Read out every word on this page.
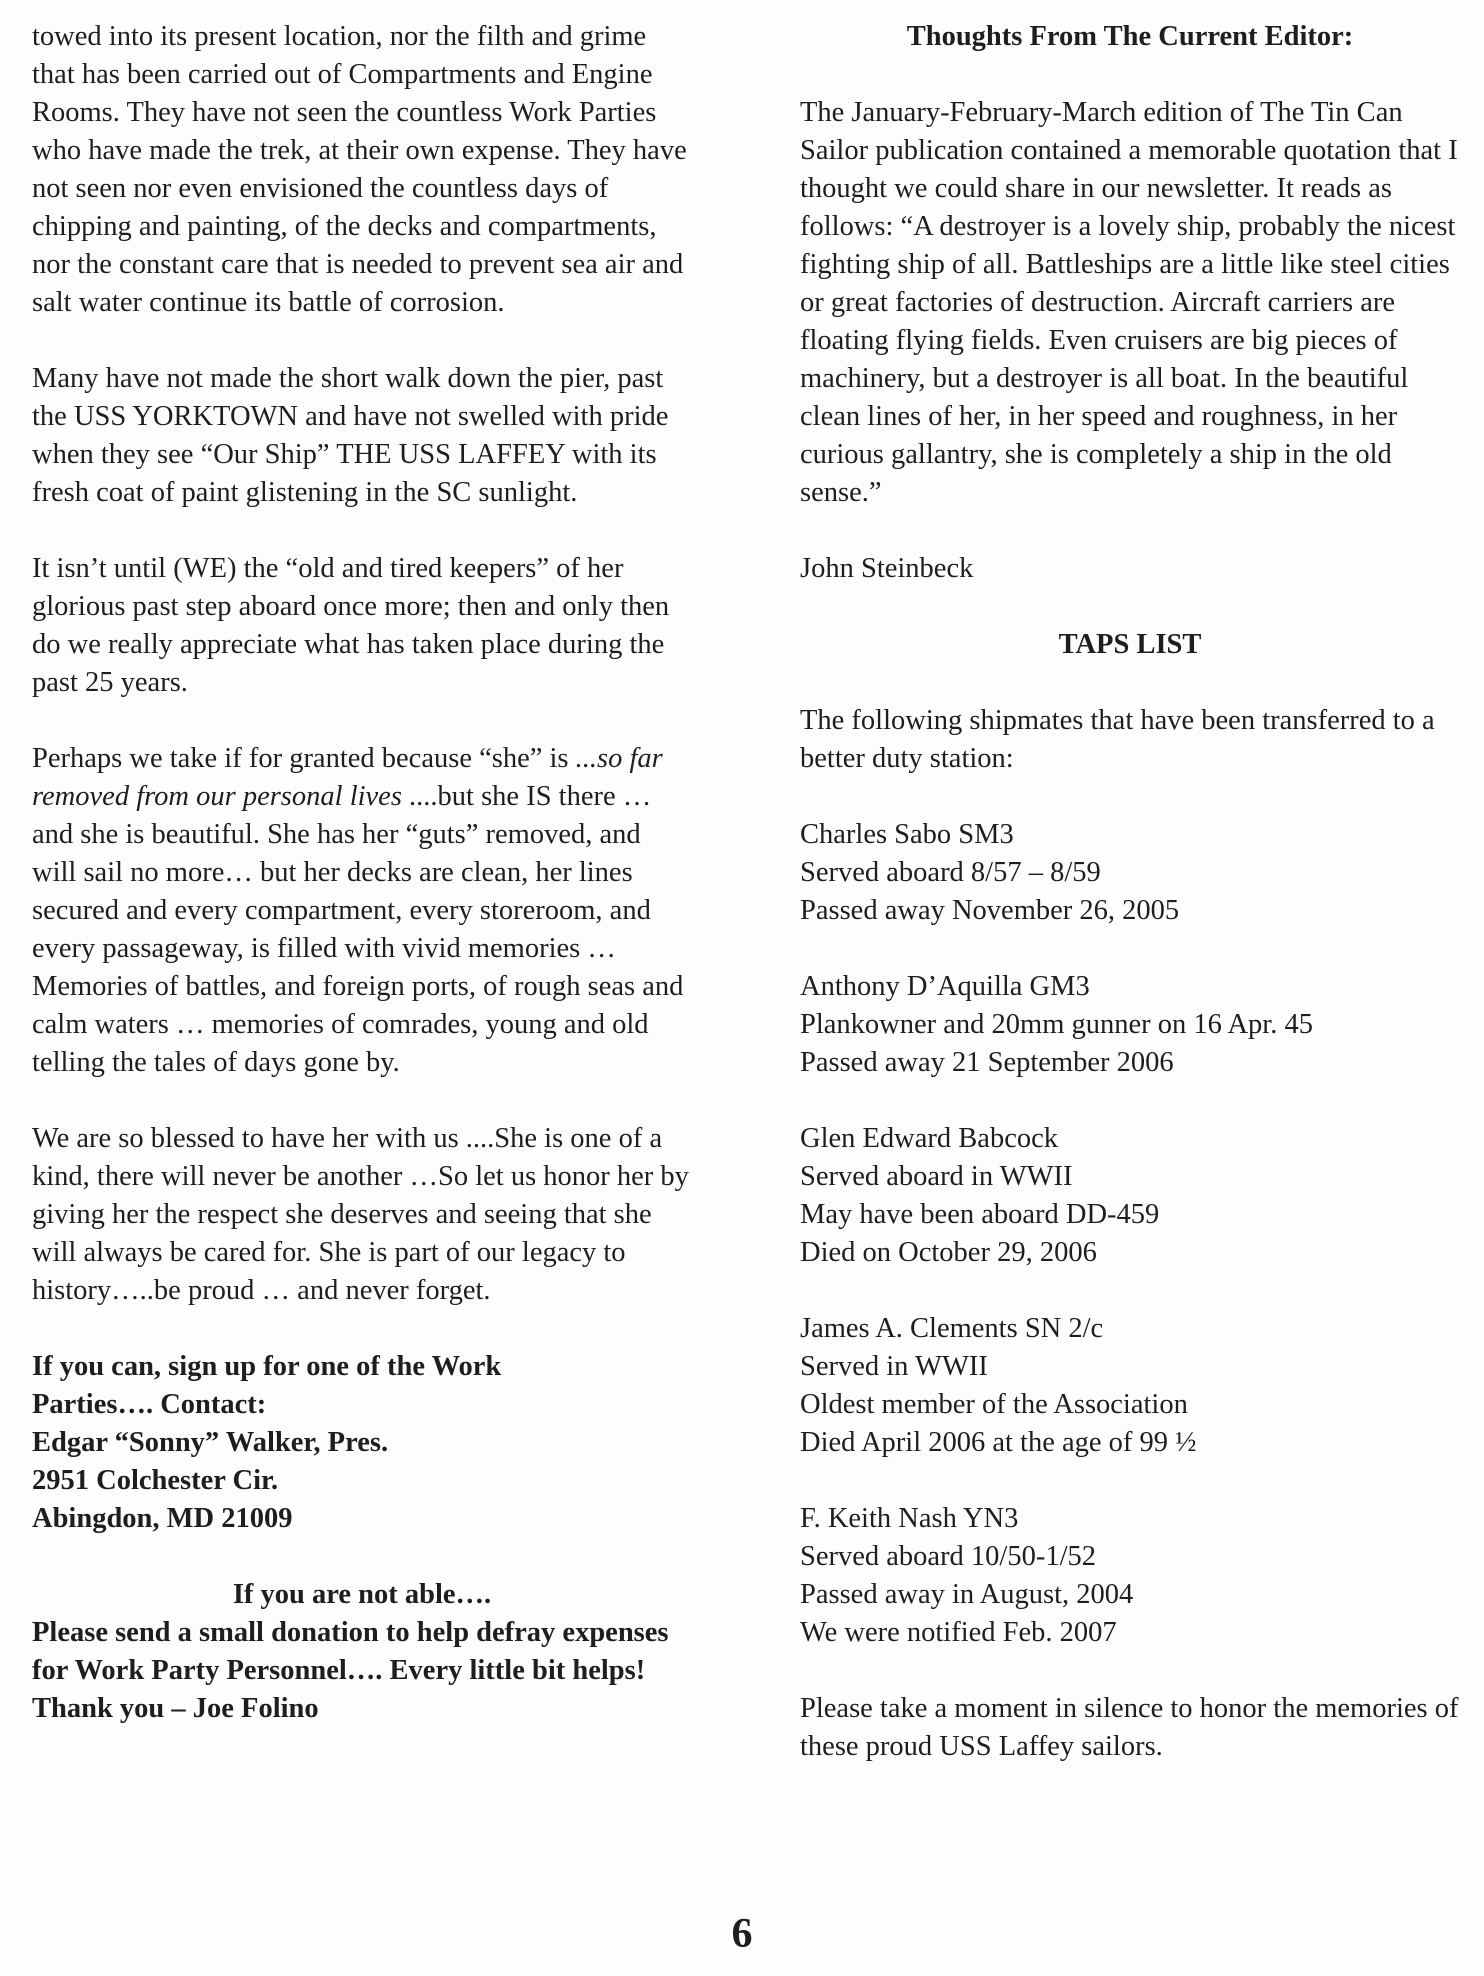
towed into its present location, nor the filth and grime that has been carried out of Compartments and Engine Rooms. They have not seen the countless Work Parties who have made the trek, at their own expense. They have not seen nor even envisioned the countless days of chipping and painting, of the decks and compartments, nor the constant care that is needed to prevent sea air and salt water continue its battle of corrosion.

Many have not made the short walk down the pier, past the USS YORKTOWN and have not swelled with pride when they see “Our Ship” THE USS LAFFEY with its fresh coat of paint glistening in the SC sunlight.

It isn’t until (WE) the “old and tired keepers” of her glorious past step aboard once more; then and only then do we really appreciate what has taken place during the past 25 years.

Perhaps we take if for granted because “she” is ...so far removed from our personal lives ....but she IS there … and she is beautiful. She has her “guts” removed, and will sail no more… but her decks are clean, her lines secured and every compartment, every storeroom, and every passageway, is filled with vivid memories … Memories of battles, and foreign ports, of rough seas and calm waters … memories of comrades, young and old telling the tales of days gone by.

We are so blessed to have her with us ....She is one of a kind, there will never be another …So let us honor her by giving her the respect she deserves and seeing that she will always be cared for. She is part of our legacy to history…..be proud … and never forget.

If you can, sign up for one of the Work
Parties…. Contact:
Edgar “Sonny” Walker, Pres.
2951 Colchester Cir.
Abingdon, MD 21009

If you are not able….
Please send a small donation to help defray expenses for Work Party Personnel…. Every little bit helps!       Thank you – Joe Folino

Thoughts From The Current Editor:

The January-February-March edition of The Tin Can Sailor publication contained a memorable quotation that I thought we could share in our newsletter. It reads as follows: “A destroyer is a lovely ship, probably the nicest fighting ship of all. Battleships are a little like steel cities or great factories of destruction. Aircraft carriers are floating flying fields. Even cruisers are big pieces of machinery, but a destroyer is all boat. In the beautiful clean lines of her, in her speed and roughness, in her curious gallantry, she is completely a ship in the old sense.”

John Steinbeck

TAPS LIST

The following shipmates that have been transferred to a better duty station:

Charles Sabo SM3
Served aboard 8/57 – 8/59
Passed away November 26, 2005
Anthony D’Aquilla GM3
Plankowner and 20mm gunner on 16 Apr. 45
Passed away 21 September 2006
Glen Edward Babcock
Served aboard in WWII
May have been aboard DD-459
Died on October 29, 2006
James A. Clements SN 2/c
Served in WWII
Oldest member of the Association
Died April 2006 at the age of 99 ½
F. Keith Nash YN3
Served aboard 10/50-1/52
Passed away in August, 2004
We were notified Feb. 2007

Please take a moment in silence to honor the memories of these proud USS Laffey sailors.

6
